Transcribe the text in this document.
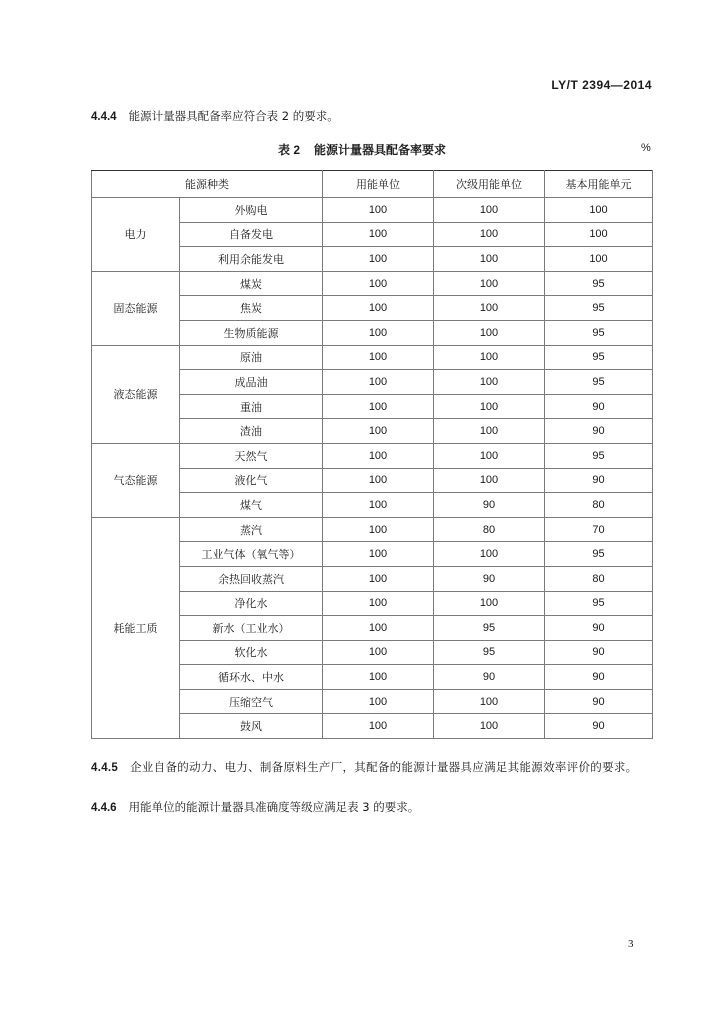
LY/T 2394—2014
4.4.4 能源计量器具配备率应符合表 2 的要求。
表 2 能源计量器具配备率要求	%
能源种类		用能单位	次级用能单位	基本用能单元
电力	外购电	100	100	100
	自备发电	100	100	100
	利用余能发电	100	100	100
固态能源	煤炭	100	100	95
	焦炭	100	100	95
	生物质能源	100	100	95
液态能源	原油	100	100	95
	成品油	100	100	95
	重油	100	100	90
	渣油	100	100	90
气态能源	天然气	100	100	95
	液化气	100	100	90
	煤气	100	90	80
耗能工质	蒸汽	100	80	70
	工业气体（氧气等）	100	100	95
	余热回收蒸汽	100	90	80
	净化水	100	100	95
	新水（工业水）	100	95	90
	软化水	100	95	90
	循环水、中水	100	90	90
	压缩空气	100	100	90
	鼓风	100	100	90
4.4.5 企业自备的动力、电力、制备原料生产厂，其配备的能源计量器具应满足其能源效率评价的要求。
4.4.6 用能单位的能源计量器具准确度等级应满足表 3 的要求。
3
